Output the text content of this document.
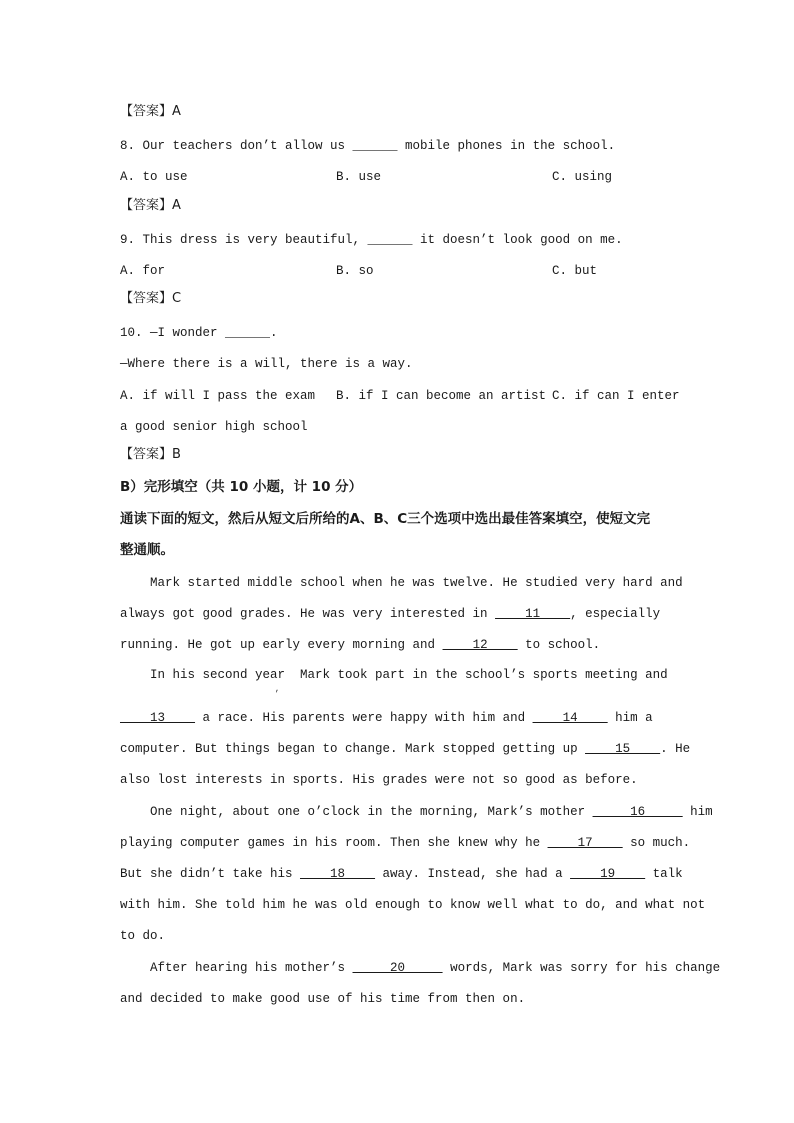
【答案】A
8. Our teachers don’t allow us ______ mobile phones in the school.
A. to use	B. use	C. using
【答案】A
9. This dress is very beautiful, ______ it doesn’t look good on me.
A. for	B. so	C. but
【答案】C
10. —I wonder ______.
—Where there is a will, there is a way.
A. if will I pass the exam B. if I can become an artist C. if can I enter
a good senior high school
【答案】B
B）完形填空（共 10 小题，计 10 分）
通读下面的短文，然后从短文后所给的A、B、C三个选项中选出最佳答案填空，使短文完
整通顺。
Mark started middle school when he was twelve. He studied very hard and
always got good grades. He was very interested in ____11____, especially
running. He got up early every morning and ____12____ to school.
In his second year  Mark took part in the school’s sports meeting and
,
____13____ a race. His parents were happy with him and ____14____ him a
computer. But things began to change. Mark stopped getting up ____15____. He
also lost interests in sports. His grades were not so good as before.
One night, about one o’clock in the morning, Mark’s mother _____16_____ him
playing computer games in his room. Then she knew why he ____17____ so much.
But she didn’t take his ____18____ away. Instead, she had a ____19____ talk
with him. She told him he was old enough to know well what to do, and what not
to do.
After hearing his mother’s _____20_____ words, Mark was sorry for his change
and decided to make good use of his time from then on.
